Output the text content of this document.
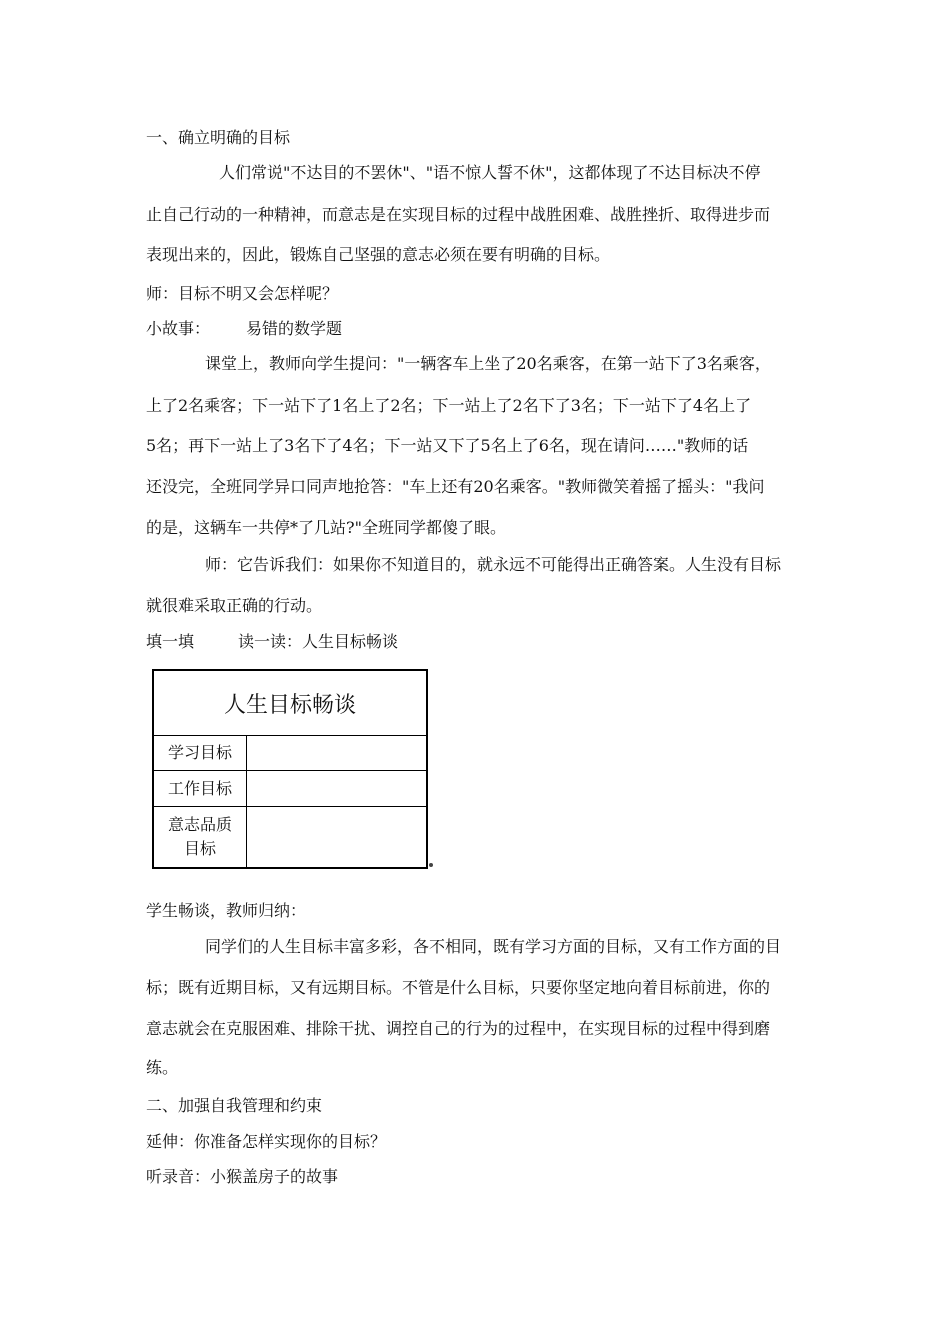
一、确立明确的目标
人们常说"不达目的不罢休"、"语不惊人誓不休"，这都体现了不达目标决不停
止自己行动的一种精神，而意志是在实现目标的过程中战胜困难、战胜挫折、取得进步而
表现出来的，因此，锻炼自己坚强的意志必须在要有明确的目标。
师：目标不明又会怎样呢？
小故事： 易错的数学题
课堂上，教师向学生提问："一辆客车上坐了20名乘客，在第一站下了3名乘客，
上了2名乘客；下一站下了1名上了2名；下一站上了2名下了3名；下一站下了4名上了
5名；再下一站上了3名下了4名；下一站又下了5名上了6名，现在请问……"教师的话
还没完，全班同学异口同声地抢答："车上还有20名乘客。"教师微笑着摇了摇头："我问
的是，这辆车一共停*了几站?"全班同学都傻了眼。
师：它告诉我们：如果你不知道目的，就永远不可能得出正确答案。人生没有目标
就很难采取正确的行动。
填一填	读一读：人生目标畅谈
人生目标畅谈
学习目标
工作目标
意志品质
目标
学生畅谈，教师归纳：
同学们的人生目标丰富多彩，各不相同，既有学习方面的目标，又有工作方面的目
标；既有近期目标，又有远期目标。不管是什么目标，只要你坚定地向着目标前进，你的
意志就会在克服困难、排除干扰、调控自己的行为的过程中，在实现目标的过程中得到磨
练。
二、加强自我管理和约束
延伸：你准备怎样实现你的目标？
听录音：小猴盖房子的故事
